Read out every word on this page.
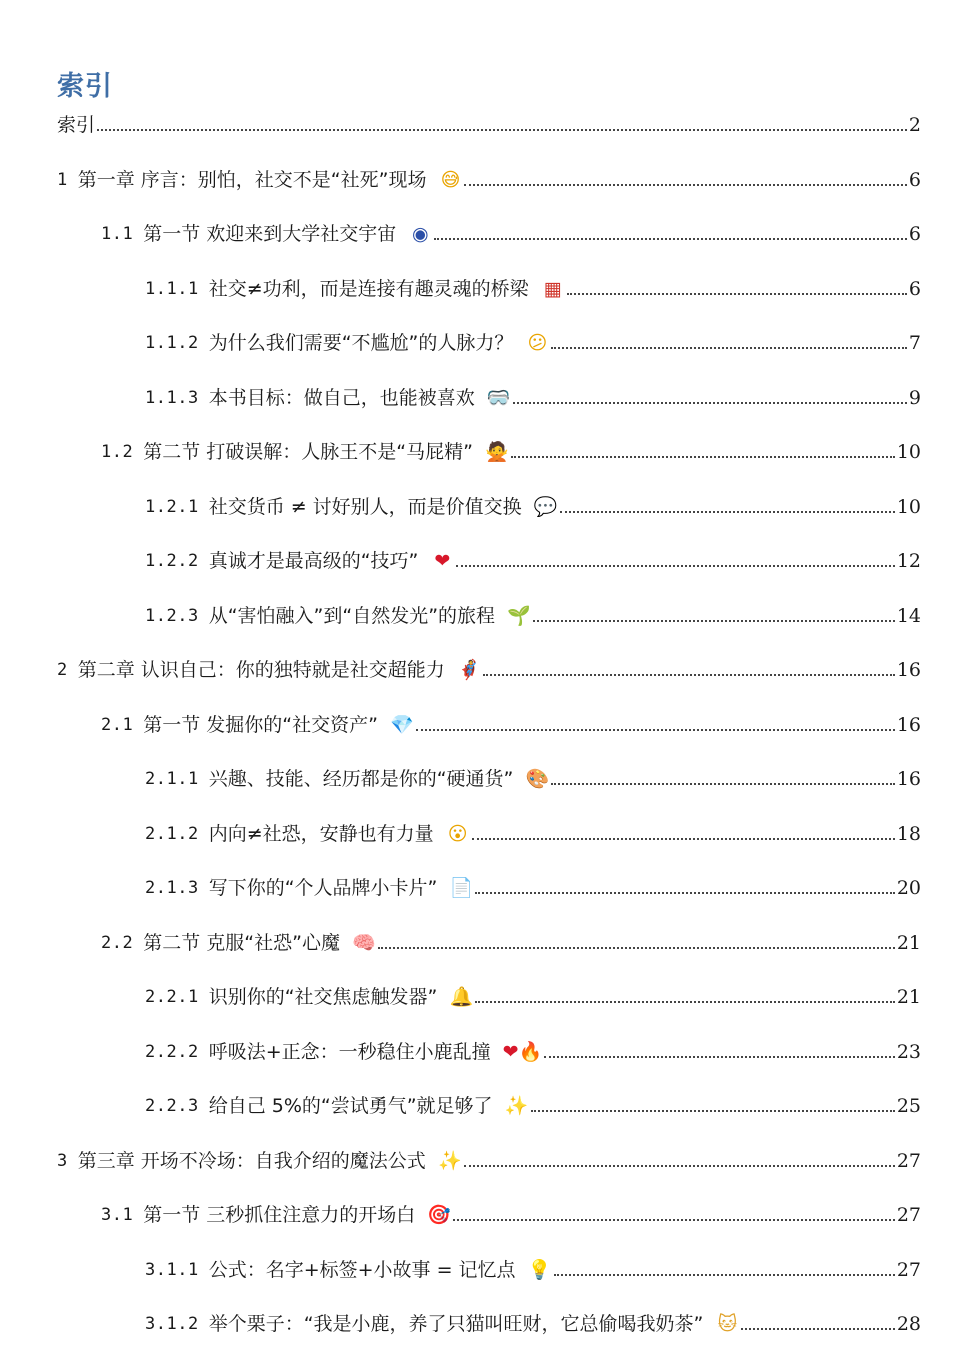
索引
索引	2
1 第一章 序言：别怕，社交不是“社死”现场 😅	6
1.1 第一节 欢迎来到大学社交宇宙 ◉	6
1.1.1 社交≠功利，而是连接有趣灵魂的桥梁 ▦	6
1.1.2 为什么我们需要“不尴尬”的人脉力？ 😕	7
1.1.3 本书目标：做自己，也能被喜欢 🥽	9
1.2 第二节 打破误解：人脉王不是“马屁精” 🙅	10
1.2.1 社交货币 ≠ 讨好别人，而是价值交换 💬	10
1.2.2 真诚才是最高级的“技巧” ❤	12
1.2.3 从“害怕融入”到“自然发光”的旅程 🌱	14
2 第二章 认识自己：你的独特就是社交超能力 🦸	16
2.1 第一节 发掘你的“社交资产” 💎	16
2.1.1 兴趣、技能、经历都是你的“硬通货” 🎨	16
2.1.2 内向≠社恐，安静也有力量 😮	18
2.1.3 写下你的“个人品牌小卡片” 📄	20
2.2 第二节 克服“社恐”心魔 🧠	21
2.2.1 识别你的“社交焦虑触发器” 🔔	21
2.2.2 呼吸法+正念：一秒稳住小鹿乱撞 ❤🔥	23
2.2.3 给自己 5%的“尝试勇气”就足够了 ✨	25
3 第三章 开场不冷场：自我介绍的魔法公式 ✨	27
3.1 第一节 三秒抓住注意力的开场白 🎯	27
3.1.1 公式：名字+标签+小故事 = 记忆点 💡	27
3.1.2 举个栗子：“我是小鹿，养了只猫叫旺财，它总偷喝我奶茶” 🐱	28
